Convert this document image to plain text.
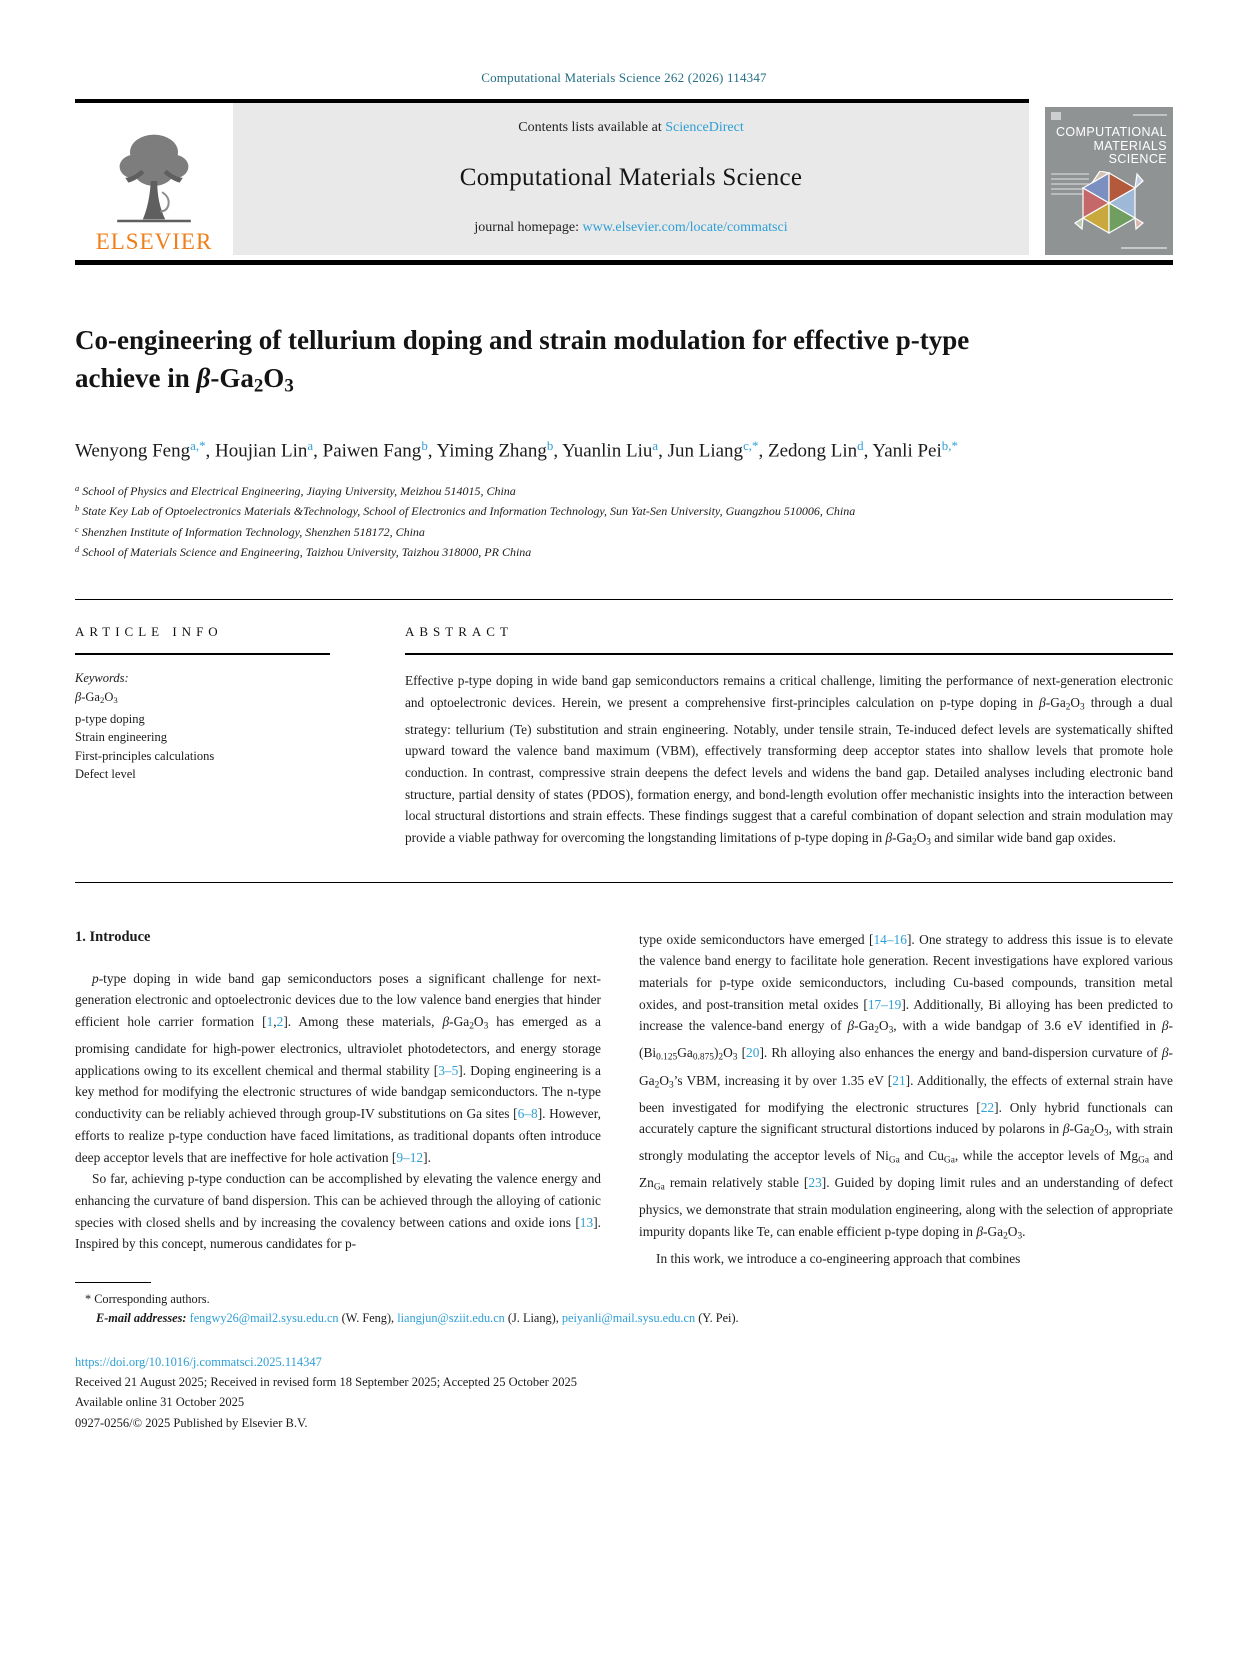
Computational Materials Science 262 (2026) 114347
ELSEVIER
Contents lists available at ScienceDirect
Computational Materials Science
journal homepage: www.elsevier.com/locate/commatsci
COMPUTATIONAL
MATERIALS
SCIENCE
Co-engineering of tellurium doping and strain modulation for effective p-type achieve in β-Ga2O3
Wenyong Feng$^{a,*}$, Houjian Lin$^a$, Paiwen Fang$^b$, Yiming Zhang$^b$, Yuanlin Liu$^a$, Jun Liang$^{c,*}$, Zedong Lin$^d$, Yanli Pei$^{b,*}$
$^a$ School of Physics and Electrical Engineering, Jiaying University, Meizhou 514015, China
$^b$ State Key Lab of Optoelectronics Materials &Technology, School of Electronics and Information Technology, Sun Yat-Sen University, Guangzhou 510006, China
$^c$ Shenzhen Institute of Information Technology, Shenzhen 518172, China
$^d$ School of Materials Science and Engineering, Taizhou University, Taizhou 318000, PR China
ARTICLE INFO
Keywords:
β-Ga2O3
p-type doping
Strain engineering
First-principles calculations
Defect level
ABSTRACT
Effective p-type doping in wide band gap semiconductors remains a critical challenge, limiting the performance of next-generation electronic and optoelectronic devices. Herein, we present a comprehensive first-principles calculation on p-type doping in β-Ga2O3 through a dual strategy: tellurium (Te) substitution and strain engineering. Notably, under tensile strain, Te-induced defect levels are systematically shifted upward toward the valence band maximum (VBM), effectively transforming deep acceptor states into shallow levels that promote hole conduction. In contrast, compressive strain deepens the defect levels and widens the band gap. Detailed analyses including electronic band structure, partial density of states (PDOS), formation energy, and bond-length evolution offer mechanistic insights into the interaction between local structural distortions and strain effects. These findings suggest that a careful combination of dopant selection and strain modulation may provide a viable pathway for overcoming the longstanding limitations of p-type doping in β-Ga2O3 and similar wide band gap oxides.
1. Introduce

p-type doping in wide band gap semiconductors poses a significant challenge for next-generation electronic and optoelectronic devices due to the low valence band energies that hinder efficient hole carrier formation [1,2]. Among these materials, β-Ga2O3 has emerged as a promising candidate for high-power electronics, ultraviolet photodetectors, and energy storage applications owing to its excellent chemical and thermal stability [3–5]. Doping engineering is a key method for modifying the electronic structures of wide bandgap semiconductors. The n-type conductivity can be reliably achieved through group-IV substitutions on Ga sites [6–8]. However, efforts to realize p-type conduction have faced limitations, as traditional dopants often introduce deep acceptor levels that are ineffective for hole activation [9–12].

So far, achieving p-type conduction can be accomplished by elevating the valence energy and enhancing the curvature of band dispersion. This can be achieved through the alloying of cationic species with closed shells and by increasing the covalency between cations and oxide ions [13]. Inspired by this concept, numerous candidates for p-

type oxide semiconductors have emerged [14–16]. One strategy to address this issue is to elevate the valence band energy to facilitate hole generation. Recent investigations have explored various materials for p-type oxide semiconductors, including Cu-based compounds, transition metal oxides, and post-transition metal oxides [17–19]. Additionally, Bi alloying has been predicted to increase the valence-band energy of β-Ga2O3, with a wide bandgap of 3.6 eV identified in β-(Bi0.125Ga0.875)2O3 [20]. Rh alloying also enhances the energy and band-dispersion curvature of β-Ga2O3’s VBM, increasing it by over 1.35 eV [21]. Additionally, the effects of external strain have been investigated for modifying the electronic structures [22]. Only hybrid functionals can accurately capture the significant structural distortions induced by polarons in β-Ga2O3, with strain strongly modulating the acceptor levels of NiGa and CuGa, while the acceptor levels of MgGa and ZnGa remain relatively stable [23]. Guided by doping limit rules and an understanding of defect physics, we demonstrate that strain modulation engineering, along with the selection of appropriate impurity dopants like Te, can enable efficient p-type doping in β-Ga2O3.

In this work, we introduce a co-engineering approach that combines

* Corresponding authors.
E-mail addresses: fengwy26@mail2.sysu.edu.cn (W. Feng), liangjun@sziit.edu.cn (J. Liang), peiyanli@mail.sysu.edu.cn (Y. Pei).
https://doi.org/10.1016/j.commatsci.2025.114347
Received 21 August 2025; Received in revised form 18 September 2025; Accepted 25 October 2025
Available online 31 October 2025
0927-0256/© 2025 Published by Elsevier B.V.
